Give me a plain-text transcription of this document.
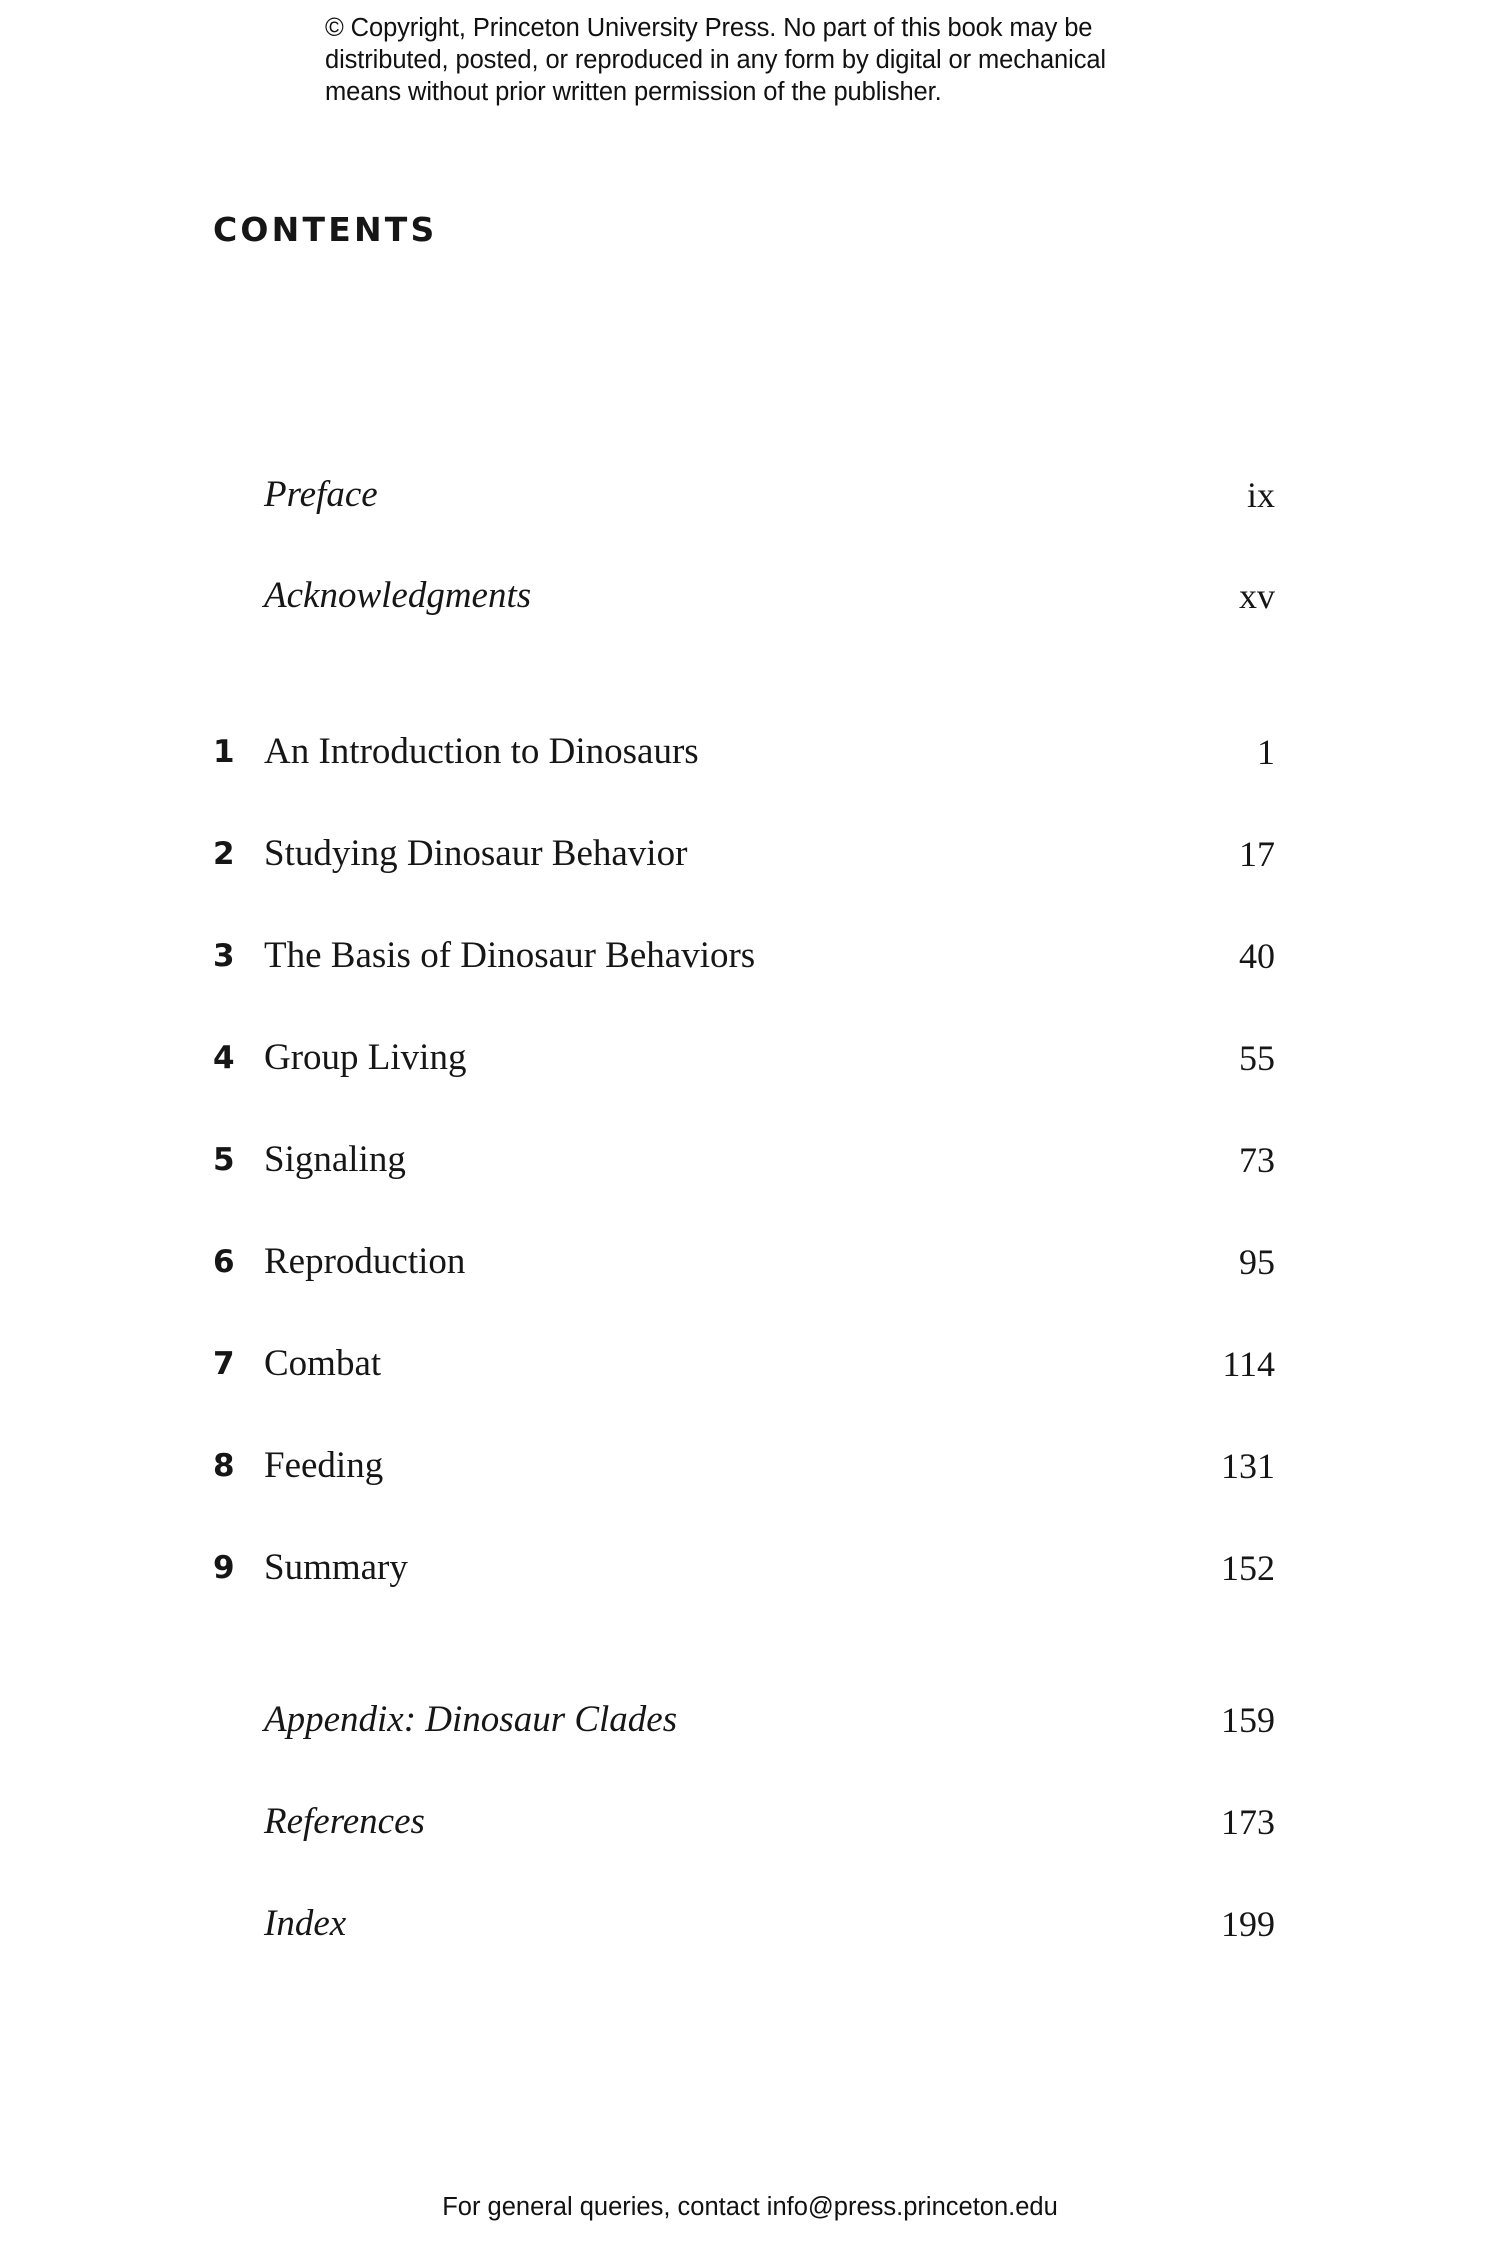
© Copyright, Princeton University Press. No part of this book may be
distributed, posted, or reproduced in any form by digital or mechanical
means without prior written permission of the publisher.
CONTENTS
Preface	ix
Acknowledgments	xv
1 An Introduction to Dinosaurs	1
2 Studying Dinosaur Behavior	17
3 The Basis of Dinosaur Behaviors	40
4 Group Living	55
5 Signaling	73
6 Reproduction	95
7 Combat	114
8 Feeding	131
9 Summary	152
Appendix: Dinosaur Clades	159
References	173
Index	199
For general queries, contact info@press.princeton.edu
